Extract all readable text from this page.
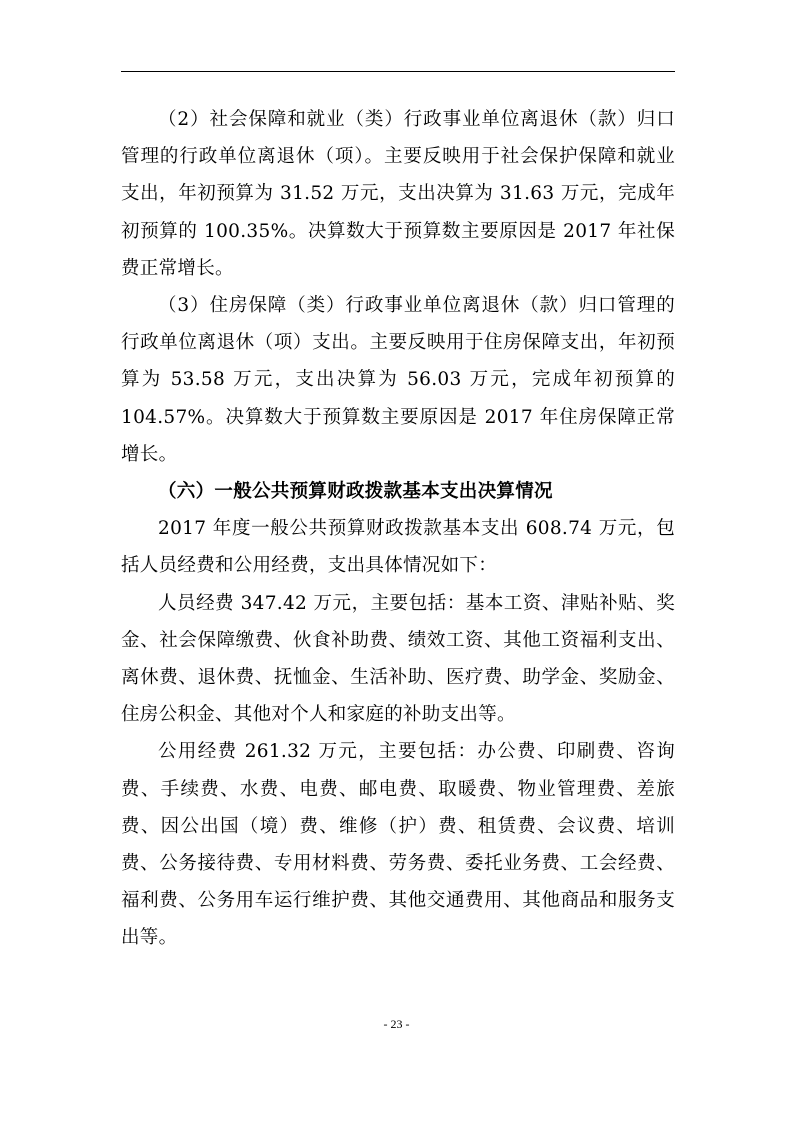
（2）社会保障和就业（类）行政事业单位离退休（款）归口管理的行政单位离退休（项）。主要反映用于社会保护保障和就业支出，年初预算为 31.52 万元，支出决算为 31.63 万元，完成年初预算的 100.35%。决算数大于预算数主要原因是 2017 年社保费正常增长。

（3）住房保障（类）行政事业单位离退休（款）归口管理的行政单位离退休（项）支出。主要反映用于住房保障支出，年初预算为 53.58 万元，支出决算为 56.03 万元，完成年初预算的 104.57%。决算数大于预算数主要原因是 2017 年住房保障正常增长。

（六）一般公共预算财政拨款基本支出决算情况

2017 年度一般公共预算财政拨款基本支出 608.74 万元，包括人员经费和公用经费，支出具体情况如下：

人员经费 347.42 万元，主要包括：基本工资、津贴补贴、奖金、社会保障缴费、伙食补助费、绩效工资、其他工资福利支出、离休费、退休费、抚恤金、生活补助、医疗费、助学金、奖励金、住房公积金、其他对个人和家庭的补助支出等。

公用经费 261.32 万元，主要包括：办公费、印刷费、咨询费、手续费、水费、电费、邮电费、取暖费、物业管理费、差旅费、因公出国（境）费、维修（护）费、租赁费、会议费、培训费、公务接待费、专用材料费、劳务费、委托业务费、工会经费、福利费、公务用车运行维护费、其他交通费用、其他商品和服务支出等。

- 23 -
